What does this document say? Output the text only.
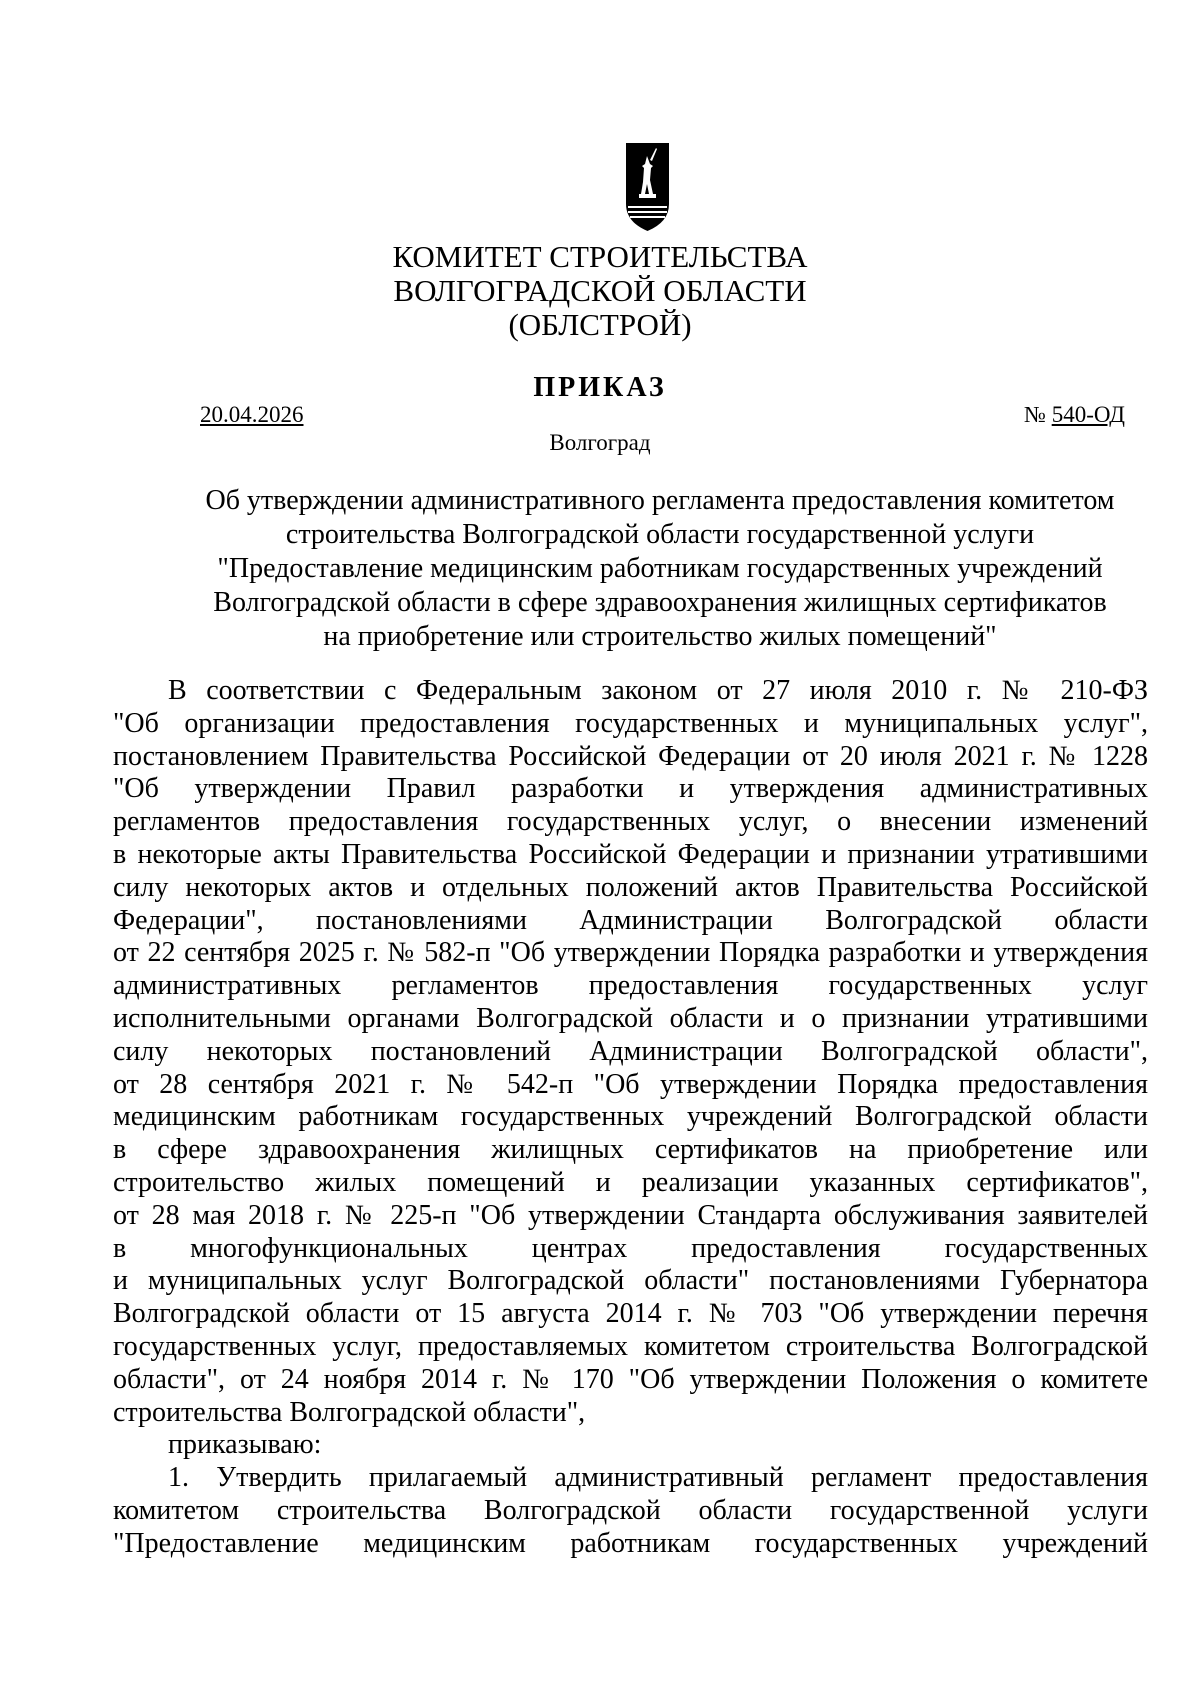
КОМИТЕТ СТРОИТЕЛЬСТВА
ВОЛГОГРАДСКОЙ ОБЛАСТИ
(ОБЛСТРОЙ)
ПРИКАЗ
20.04.2026	№ 540-ОД
Волгоград
Об утверждении административного регламента предоставления комитетом
строительства Волгоградской области государственной услуги
"Предоставление медицинским работникам государственных учреждений
Волгоградской области в сфере здравоохранения жилищных сертификатов
на приобретение или строительство жилых помещений"
В соответствии с Федеральным законом от 27 июля 2010 г. № 210-ФЗ
"Об организации предоставления государственных и муниципальных услуг",
постановлением Правительства Российской Федерации от 20 июля 2021 г. № 1228
"Об утверждении Правил разработки и утверждения административных
регламентов предоставления государственных услуг, о внесении изменений
в некоторые акты Правительства Российской Федерации и признании утратившими
силу некоторых актов и отдельных положений актов Правительства Российской
Федерации", постановлениями Администрации Волгоградской области
от 22 сентября 2025 г. № 582-п "Об утверждении Порядка разработки и утверждения
административных регламентов предоставления государственных услуг
исполнительными органами Волгоградской области и о признании утратившими
силу некоторых постановлений Администрации Волгоградской области",
от 28 сентября 2021 г. № 542-п "Об утверждении Порядка предоставления
медицинским работникам государственных учреждений Волгоградской области
в сфере здравоохранения жилищных сертификатов на приобретение или
строительство жилых помещений и реализации указанных сертификатов",
от 28 мая 2018 г. № 225-п "Об утверждении Стандарта обслуживания заявителей
в многофункциональных центрах предоставления государственных
и муниципальных услуг Волгоградской области" постановлениями Губернатора
Волгоградской области от 15 августа 2014 г. № 703 "Об утверждении перечня
государственных услуг, предоставляемых комитетом строительства Волгоградской
области", от 24 ноября 2014 г. № 170 "Об утверждении Положения о комитете
строительства Волгоградской области",
приказываю:
1. Утвердить прилагаемый административный регламент предоставления
комитетом строительства Волгоградской области государственной услуги
"Предоставление медицинским работникам государственных учреждений
